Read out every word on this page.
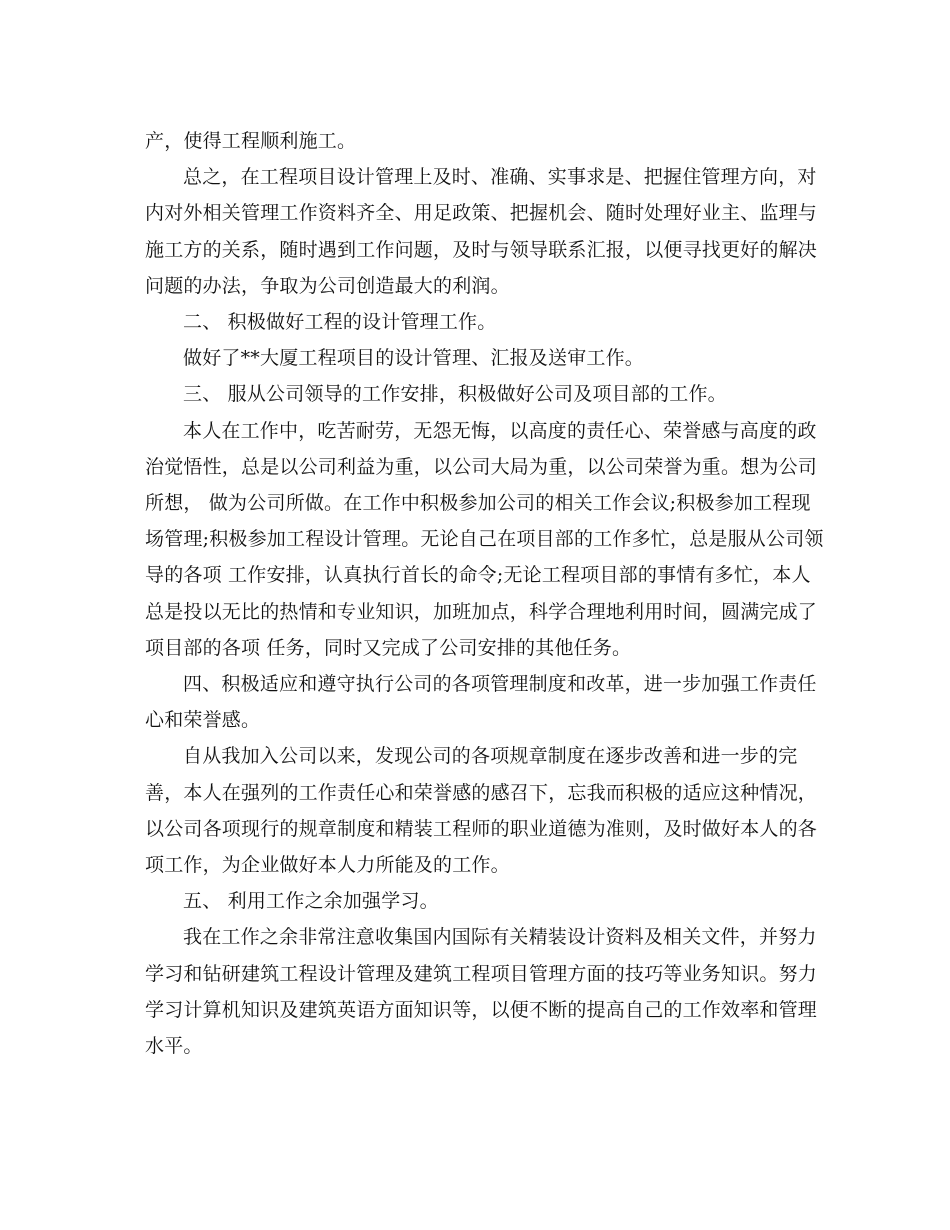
产，使得工程顺利施工。

总之，在工程项目设计管理上及时、准确、实事求是、把握住管理方向，对
内对外相关管理工作资料齐全、用足政策、把握机会、随时处理好业主、监理与
施工方的关系，随时遇到工作问题，及时与领导联系汇报，以便寻找更好的解决
问题的办法，争取为公司创造最大的利润。

二、 积极做好工程的设计管理工作。

做好了**大厦工程项目的设计管理、汇报及送审工作。

三、 服从公司领导的工作安排，积极做好公司及项目部的工作。

本人在工作中，吃苦耐劳，无怨无悔，以高度的责任心、荣誉感与高度的政
治觉悟性，总是以公司利益为重，以公司大局为重，以公司荣誉为重。想为公司
所想， 做为公司所做。在工作中积极参加公司的相关工作会议;积极参加工程现
场管理;积极参加工程设计管理。无论自己在项目部的工作多忙，总是服从公司领
导的各项 工作安排，认真执行首长的命令;无论工程项目部的事情有多忙，本人
总是投以无比的热情和专业知识，加班加点，科学合理地利用时间，圆满完成了
项目部的各项 任务，同时又完成了公司安排的其他任务。

四、积极适应和遵守执行公司的各项管理制度和改革，进一步加强工作责任
心和荣誉感。

自从我加入公司以来，发现公司的各项规章制度在逐步改善和进一步的完
善，本人在强列的工作责任心和荣誉感的感召下，忘我而积极的适应这种情况，
以公司各项现行的规章制度和精装工程师的职业道德为准则，及时做好本人的各
项工作，为企业做好本人力所能及的工作。

五、 利用工作之余加强学习。

我在工作之余非常注意收集国内国际有关精装设计资料及相关文件，并努力
学习和钻研建筑工程设计管理及建筑工程项目管理方面的技巧等业务知识。努力
学习计算机知识及建筑英语方面知识等，以便不断的提高自己的工作效率和管理
水平。
